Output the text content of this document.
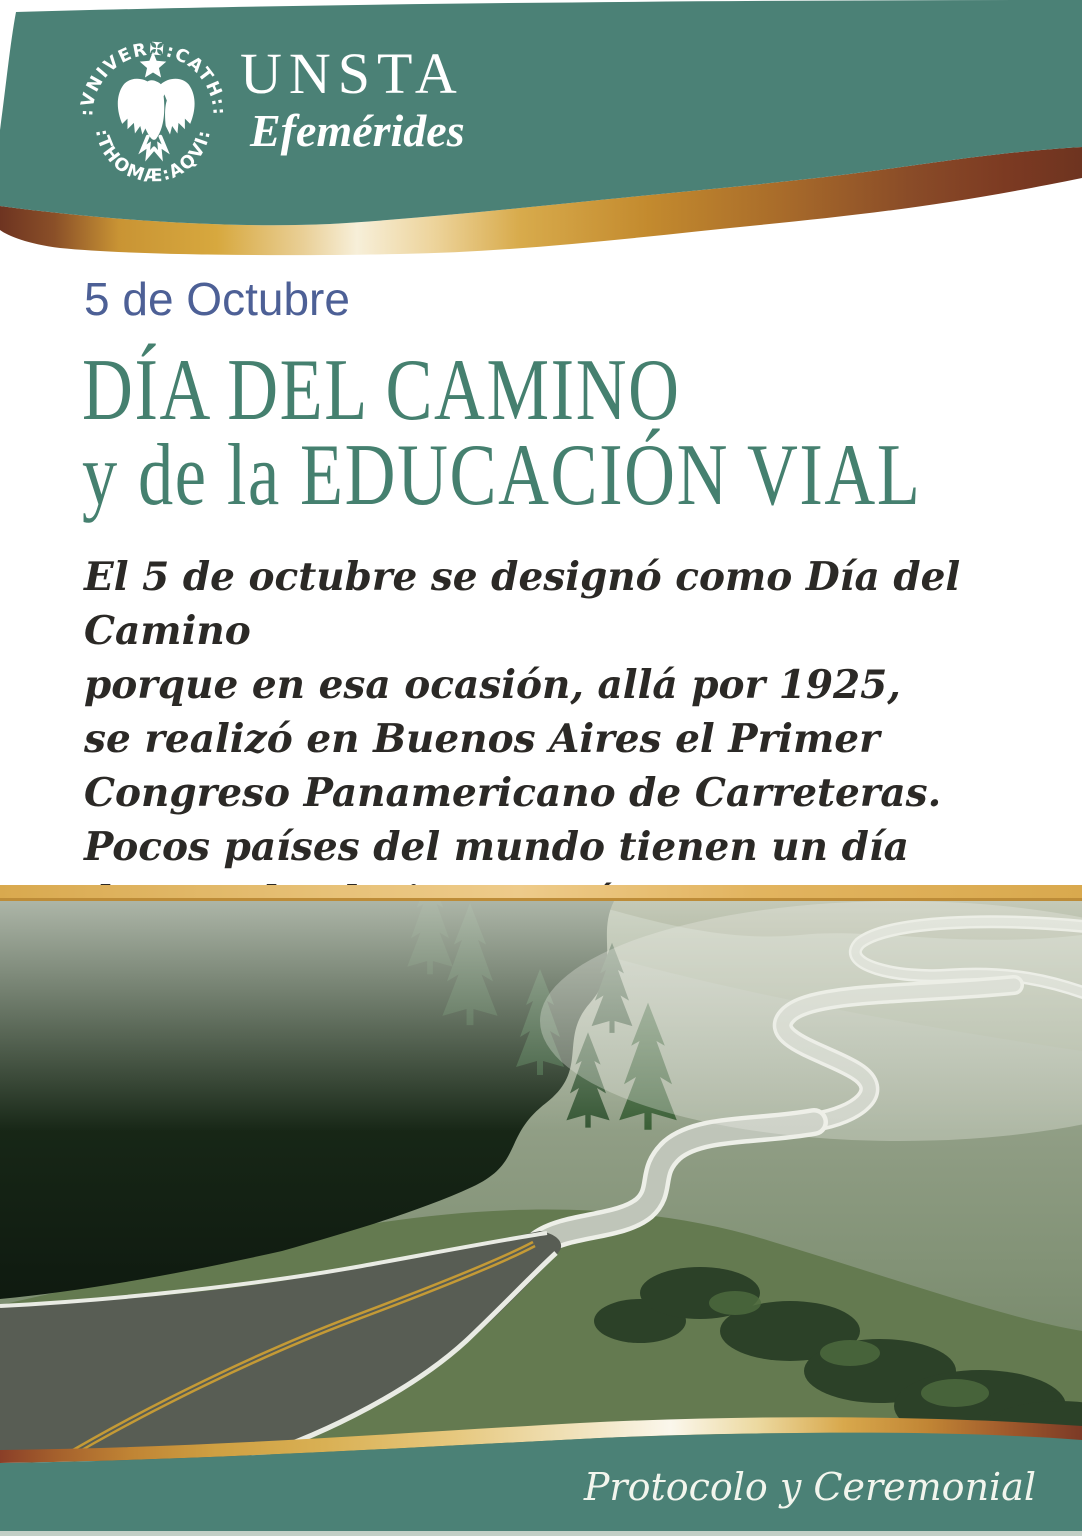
:VNIVER✠:CATH::
:THOMÆ:AQVI:
UNSTA
Efemérides
5 de Octubre
DÍA DEL CAMINO
y de la EDUCACIÓN VIAL
El 5 de octubre se designó como Día del Camino
porque en esa ocasión, allá por 1925,
se realizó en Buenos Aires el Primer
Congreso Panamericano de Carreteras.
Pocos países del mundo tienen un día
Protocolo y Ceremonial
